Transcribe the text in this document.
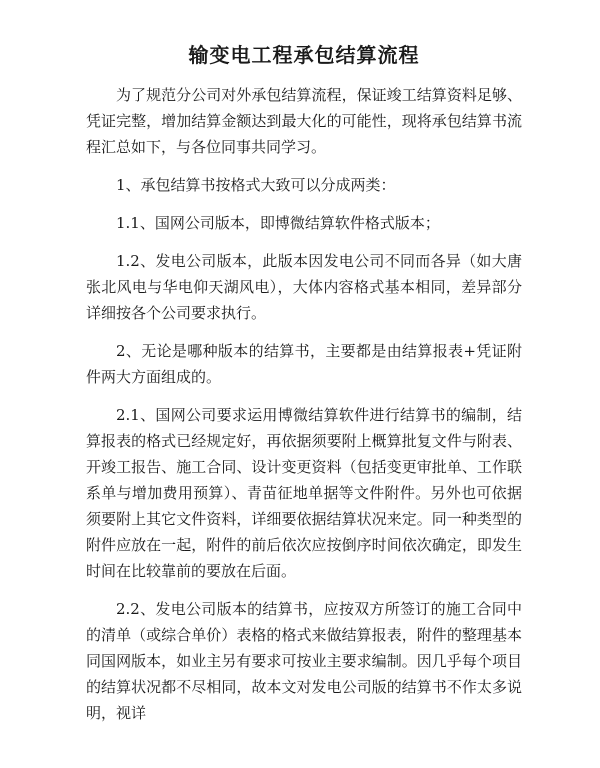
输变电工程承包结算流程

为了规范分公司对外承包结算流程，保证竣工结算资料足够、凭证完整，增加结算金额达到最大化的可能性，现将承包结算书流程汇总如下，与各位同事共同学习。

1、承包结算书按格式大致可以分成两类：

1.1、国网公司版本，即博微结算软件格式版本；

1.2、发电公司版本，此版本因发电公司不同而各异（如大唐张北风电与华电仰天湖风电），大体内容格式基本相同，差异部分详细按各个公司要求执行。

2、无论是哪种版本的结算书，主要都是由结算报表+凭证附件两大方面组成的。

2.1、国网公司要求运用博微结算软件进行结算书的编制，结算报表的格式已经规定好，再依据须要附上概算批复文件与附表、开竣工报告、施工合同、设计变更资料（包括变更审批单、工作联系单与增加费用预算）、青苗征地单据等文件附件。另外也可依据须要附上其它文件资料，详细要依据结算状况来定。同一种类型的附件应放在一起，附件的前后依次应按倒序时间依次确定，即发生时间在比较靠前的要放在后面。

2.2、发电公司版本的结算书，应按双方所签订的施工合同中的清单（或综合单价）表格的格式来做结算报表，附件的整理基本同国网版本，如业主另有要求可按业主要求编制。因几乎每个项目的结算状况都不尽相同，故本文对发电公司版的结算书不作太多说明，视详
